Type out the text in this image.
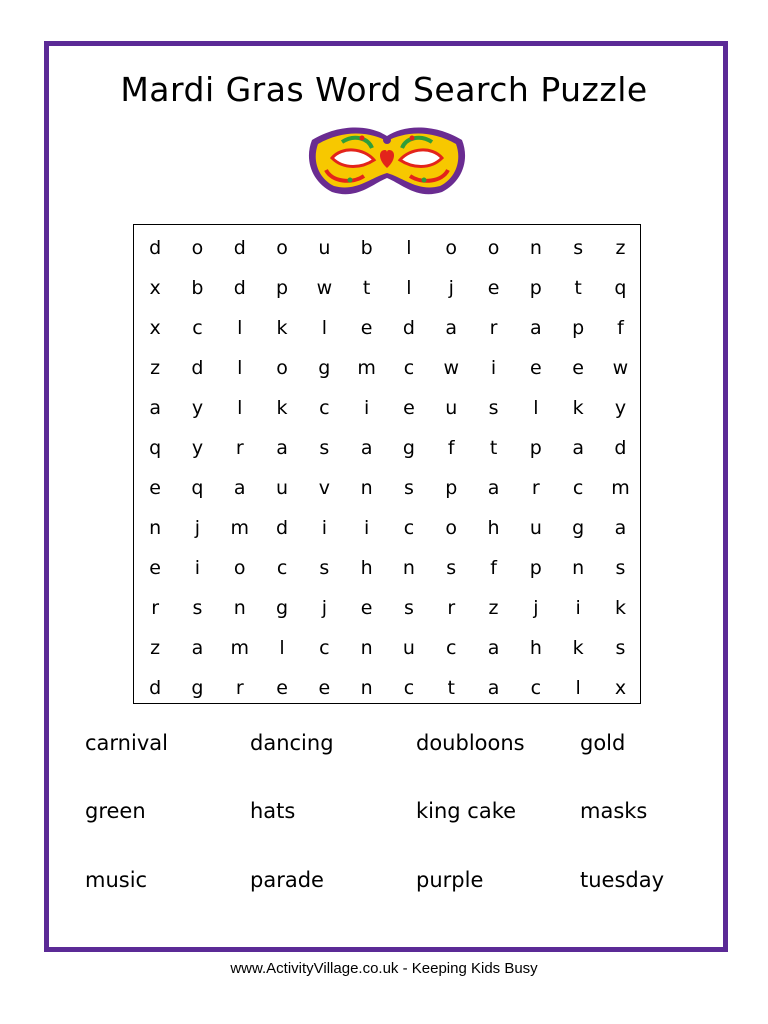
Mardi Gras Word Search Puzzle
d	o	d	o	u	b	l	o	o	n	s	z
x	b	d	p	w	t	l	j	e	p	t	q
x	c	l	k	l	e	d	a	r	a	p	f
z	d	l	o	g	m	c	w	i	e	e	w
a	y	l	k	c	i	e	u	s	l	k	y
q	y	r	a	s	a	g	f	t	p	a	d
e	q	a	u	v	n	s	p	a	r	c	m
n	j	m	d	i	i	c	o	h	u	g	a
e	i	o	c	s	h	n	s	f	p	n	s
r	s	n	g	j	e	s	r	z	j	i	k
z	a	m	l	c	n	u	c	a	h	k	s
d	g	r	e	e	n	c	t	a	c	l	x
carnival	dancing	doubloons	gold
green	hats	king cake	masks
music	parade	purple	tuesday
www.ActivityVillage.co.uk - Keeping Kids Busy
